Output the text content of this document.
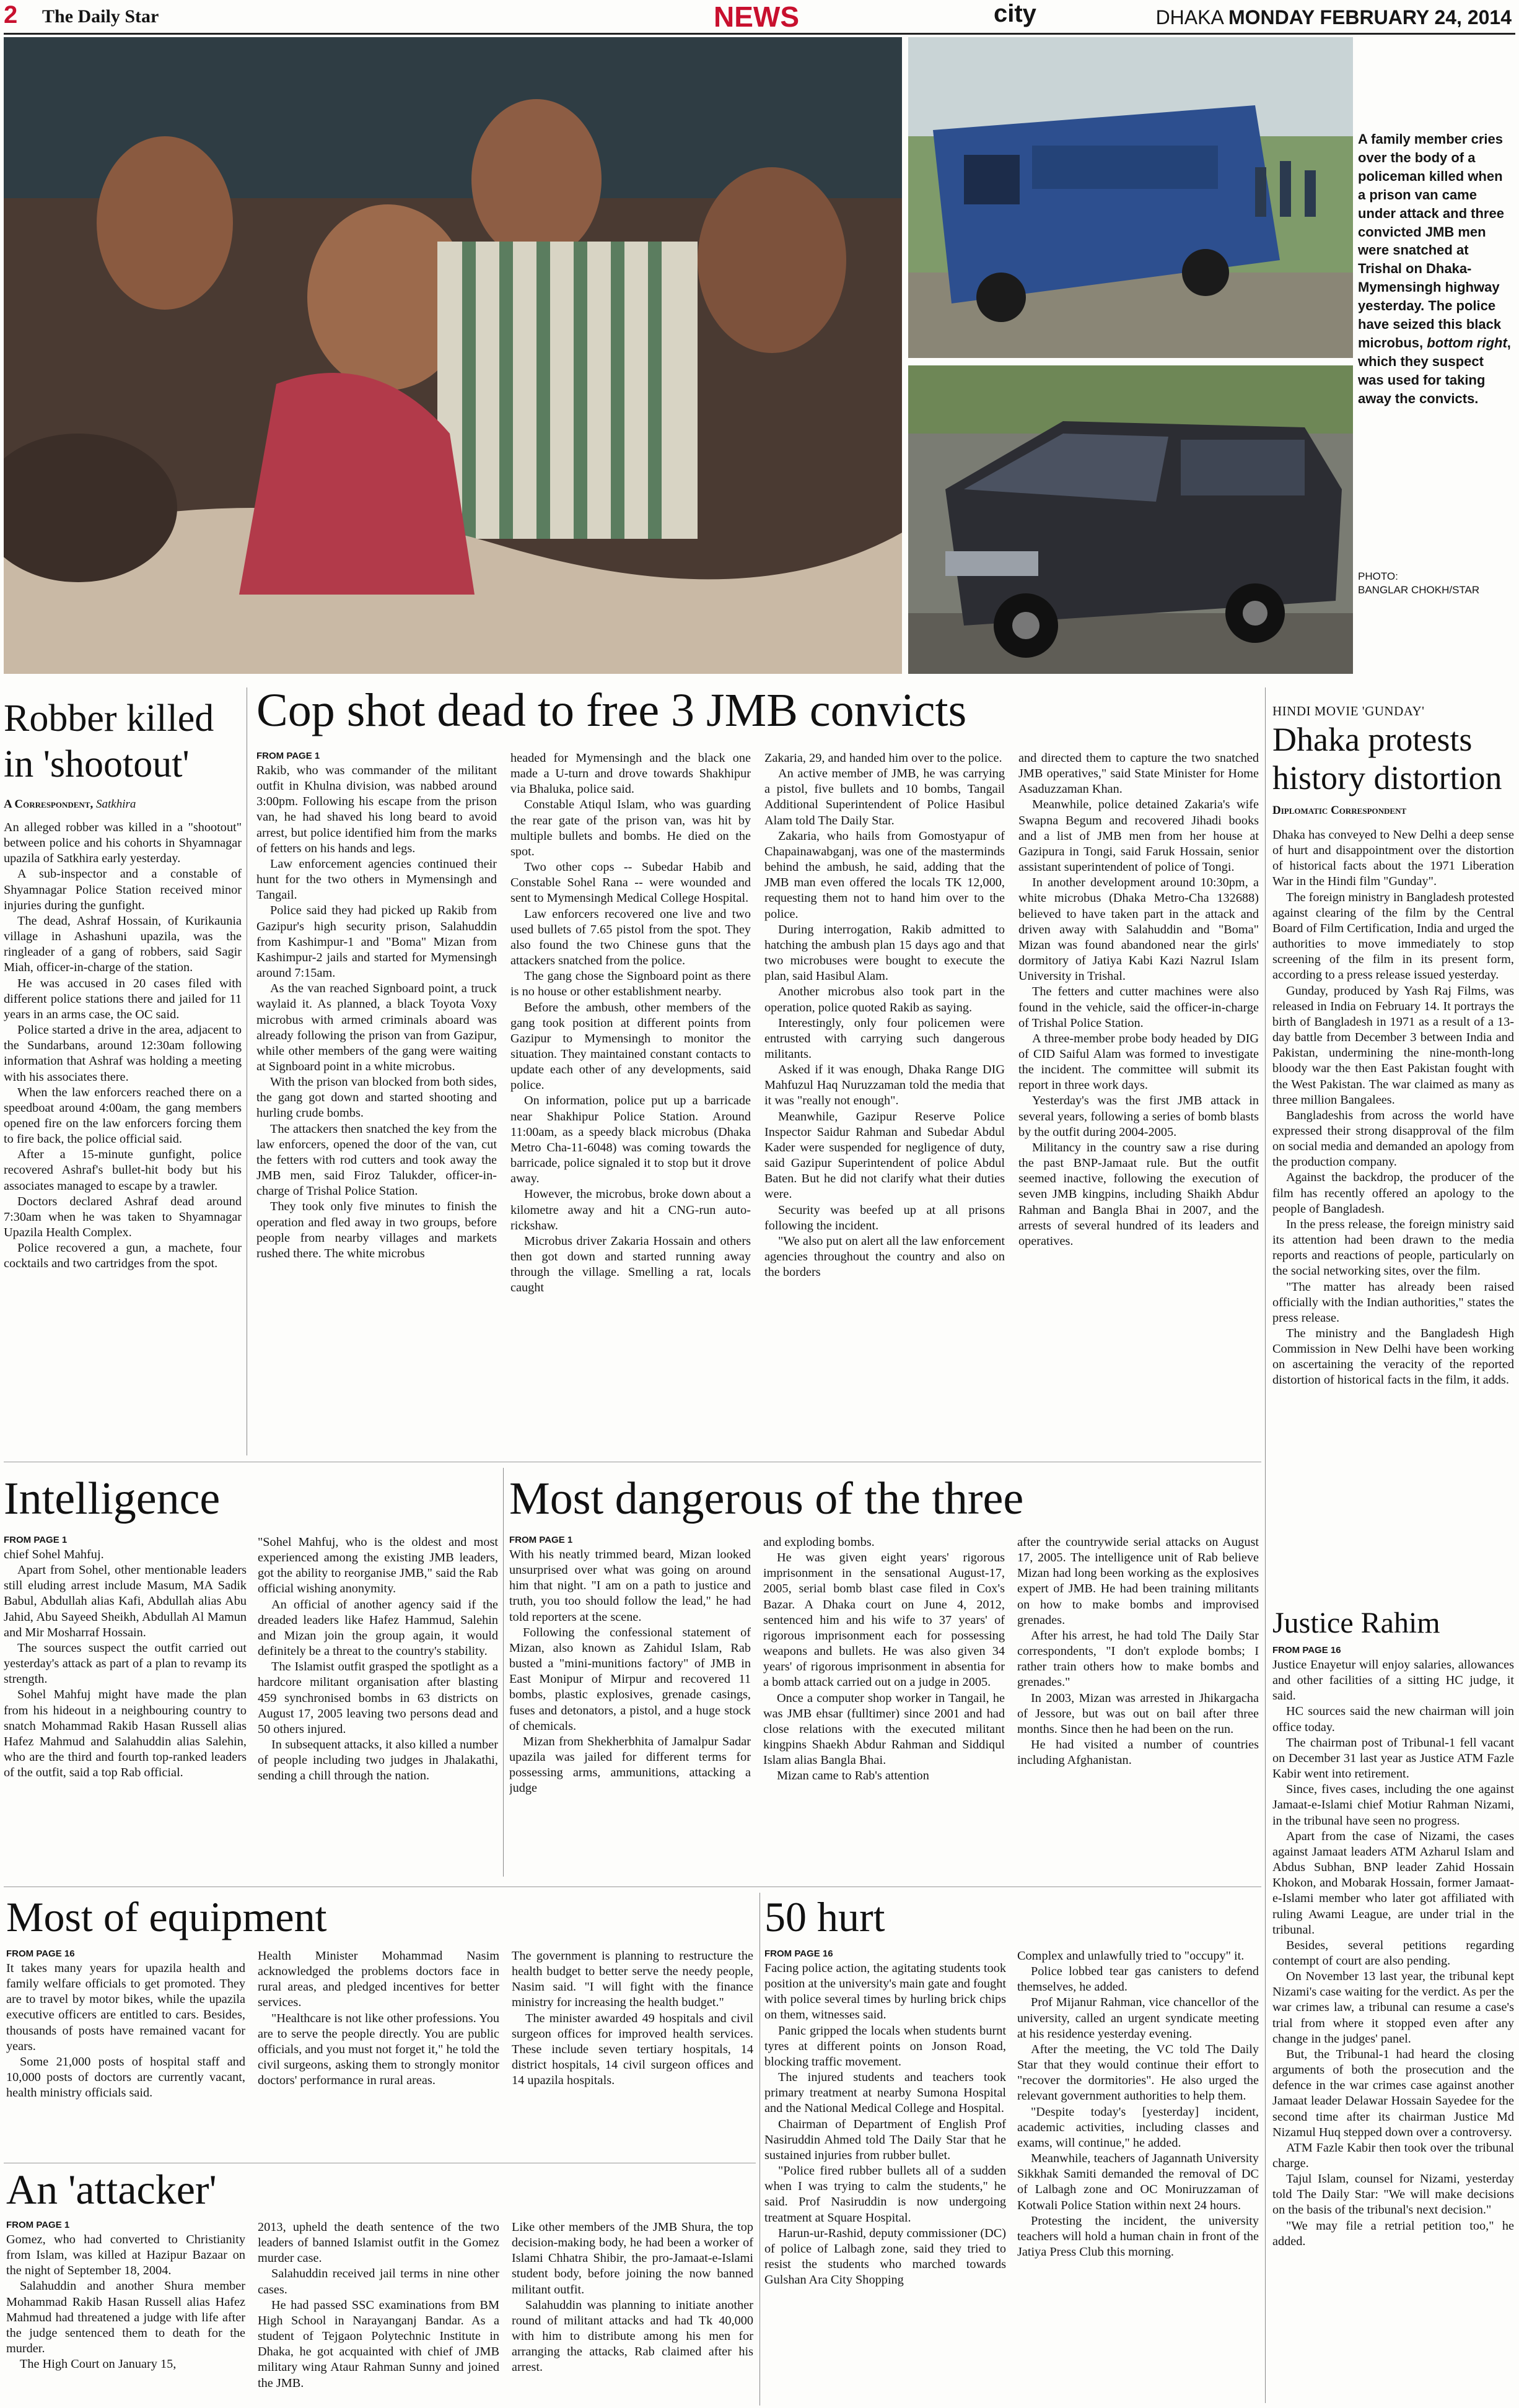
2 The Daily Star	NEWS	city	DHAKA MONDAY FEBRUARY 24, 2014
A family member cries over the body of a policeman killed when a prison van came under attack and three convicted JMB men were snatched at Trishal on Dhaka-Mymensingh highway yesterday. The police have seized this black microbus, bottom right, which they suspect was used for taking away the convicts.
PHOTO:
BANGLAR CHOKH/STAR
Robber killed
in 'shootout'
A Correspondent, Satkhira

An alleged robber was killed in a "shootout" between police and his cohorts in Shyamnagar upazila of Satkhira early yesterday.

A sub-inspector and a constable of Shyamnagar Police Station received minor injuries during the gunfight.

The dead, Ashraf Hossain, of Kurikaunia village in Ashashuni upazila, was the ringleader of a gang of robbers, said Sagir Miah, officer-in-charge of the station.

He was accused in 20 cases filed with different police stations there and jailed for 11 years in an arms case, the OC said.

Police started a drive in the area, adjacent to the Sundarbans, around 12:30am following information that Ashraf was holding a meeting with his associates there.

When the law enforcers reached there on a speedboat around 4:00am, the gang members opened fire on the law enforcers forcing them to fire back, the police official said.

After a 15-minute gunfight, police recovered Ashraf's bullet-hit body but his associates managed to escape by a trawler.

Doctors declared Ashraf dead around 7:30am when he was taken to Shyamnagar Upazila Health Complex.

Police recovered a gun, a machete, four cocktails and two cartridges from the spot.

Cop shot dead to free 3 JMB convicts
FROM PAGE 1

Rakib, who was commander of the militant outfit in Khulna division, was nabbed around 3:00pm. Following his escape from the prison van, he had shaved his long beard to avoid arrest, but police identified him from the marks of fetters on his hands and legs.

Law enforcement agencies continued their hunt for the two others in Mymensingh and Tangail.

Police said they had picked up Rakib from Gazipur's high security prison, Salahuddin from Kashimpur-1 and "Boma" Mizan from Kashimpur-2 jails and started for Mymensingh around 7:15am.

As the van reached Signboard point, a truck waylaid it. As planned, a black Toyota Voxy microbus with armed criminals aboard was already following the prison van from Gazipur, while other members of the gang were waiting at Signboard point in a white microbus.

With the prison van blocked from both sides, the gang got down and started shooting and hurling crude bombs.

The attackers then snatched the key from the law enforcers, opened the door of the van, cut the fetters with rod cutters and took away the JMB men, said Firoz Talukder, officer-in-charge of Trishal Police Station.

They took only five minutes to finish the operation and fled away in two groups, before people from nearby villages and markets rushed there. The white microbus

headed for Mymensingh and the black one made a U-turn and drove towards Shakhipur via Bhaluka, police said.

Constable Atiqul Islam, who was guarding the rear gate of the prison van, was hit by multiple bullets and bombs. He died on the spot.

Two other cops -- Subedar Habib and Constable Sohel Rana -- were wounded and sent to Mymensingh Medical College Hospital.

Law enforcers recovered one live and two used bullets of 7.65 pistol from the spot. They also found the two Chinese guns that the attackers snatched from the police.

The gang chose the Signboard point as there is no house or other establishment nearby.

Before the ambush, other members of the gang took position at different points from Gazipur to Mymensingh to monitor the situation. They maintained constant contacts to update each other of any developments, said police.

On information, police put up a barricade near Shakhipur Police Station. Around 11:00am, as a speedy black microbus (Dhaka Metro Cha-11-6048) was coming towards the barricade, police signaled it to stop but it drove away.

However, the microbus, broke down about a kilometre away and hit a CNG-run auto-rickshaw.

Microbus driver Zakaria Hossain and others then got down and started running away through the village. Smelling a rat, locals caught

Zakaria, 29, and handed him over to the police.

An active member of JMB, he was carrying a pistol, five bullets and 10 bombs, Tangail Additional Superintendent of Police Hasibul Alam told The Daily Star.

Zakaria, who hails from Gomostyapur of Chapainawabganj, was one of the masterminds behind the ambush, he said, adding that the JMB man even offered the locals TK 12,000, requesting them not to hand him over to the police.

During interrogation, Rakib admitted to hatching the ambush plan 15 days ago and that two microbuses were bought to execute the plan, said Hasibul Alam.

Another microbus also took part in the operation, police quoted Rakib as saying.

Interestingly, only four policemen were entrusted with carrying such dangerous militants.

Asked if it was enough, Dhaka Range DIG Mahfuzul Haq Nuruzzaman told the media that it was "really not enough".

Meanwhile, Gazipur Reserve Police Inspector Saidur Rahman and Subedar Abdul Kader were suspended for negligence of duty, said Gazipur Superintendent of police Abdul Baten. But he did not clarify what their duties were.

Security was beefed up at all prisons following the incident.

"We also put on alert all the law enforcement agencies throughout the country and also on the borders

and directed them to capture the two snatched JMB operatives," said State Minister for Home Asaduzzaman Khan.

Meanwhile, police detained Zakaria's wife Swapna Begum and recovered Jihadi books and a list of JMB men from her house at Gazipura in Tongi, said Faruk Hossain, senior assistant superintendent of police of Tongi.

In another development around 10:30pm, a white microbus (Dhaka Metro-Cha 132688) believed to have taken part in the attack and driven away with Salahuddin and "Boma" Mizan was found abandoned near the girls' dormitory of Jatiya Kabi Kazi Nazrul Islam University in Trishal.

The fetters and cutter machines were also found in the vehicle, said the officer-in-charge of Trishal Police Station.

A three-member probe body headed by DIG of CID Saiful Alam was formed to investigate the incident. The committee will submit its report in three work days.

Yesterday's was the first JMB attack in several years, following a series of bomb blasts by the outfit during 2004-2005.

Militancy in the country saw a rise during the past BNP-Jamaat rule. But the outfit seemed inactive, following the execution of seven JMB kingpins, including Shaikh Abdur Rahman and Bangla Bhai in 2007, and the arrests of several hundred of its leaders and operatives.

HINDI MOVIE 'GUNDAY'
Dhaka protests
history distortion
Diplomatic Correspondent

Dhaka has conveyed to New Delhi a deep sense of hurt and disappointment over the distortion of historical facts about the 1971 Liberation War in the Hindi film "Gunday".

The foreign ministry in Bangladesh protested against clearing of the film by the Central Board of Film Certification, India and urged the authorities to move immediately to stop screening of the film in its present form, according to a press release issued yesterday.

Gunday, produced by Yash Raj Films, was released in India on February 14. It portrays the birth of Bangladesh in 1971 as a result of a 13-day battle from December 3 between India and Pakistan, undermining the nine-month-long bloody war the then East Pakistan fought with the West Pakistan. The war claimed as many as three million Bangalees.

Bangladeshis from across the world have expressed their strong disapproval of the film on social media and demanded an apology from the production company.

Against the backdrop, the producer of the film has recently offered an apology to the people of Bangladesh.

In the press release, the foreign ministry said its attention had been drawn to the media reports and reactions of people, particularly on the social networking sites, over the film.

"The matter has already been raised officially with the Indian authorities," states the press release.

The ministry and the Bangladesh High Commission in New Delhi have been working on ascertaining the veracity of the reported distortion of historical facts in the film, it adds.

Intelligence
FROM PAGE 1

chief Sohel Mahfuj.

Apart from Sohel, other mentionable leaders still eluding arrest include Masum, MA Sadik Babul, Abdullah alias Kafi, Abdullah alias Abu Jahid, Abu Sayeed Sheikh, Abdullah Al Mamun and Mir Mosharraf Hossain.

The sources suspect the outfit carried out yesterday's attack as part of a plan to revamp its strength.

Sohel Mahfuj might have made the plan from his hideout in a neighbouring country to snatch Mohammad Rakib Hasan Russell alias Hafez Mahmud and Salahuddin alias Salehin, who are the third and fourth top-ranked leaders of the outfit, said a top Rab official.

"Sohel Mahfuj, who is the oldest and most experienced among the existing JMB leaders, got the ability to reorganise JMB," said the Rab official wishing anonymity.

An official of another agency said if the dreaded leaders like Hafez Hammud, Salehin and Mizan join the group again, it would definitely be a threat to the country's stability.

The Islamist outfit grasped the spotlight as a hardcore militant organisation after blasting 459 synchronised bombs in 63 districts on August 17, 2005 leaving two persons dead and 50 others injured.

In subsequent attacks, it also killed a number of people including two judges in Jhalakathi, sending a chill through the nation.

Most dangerous of the three
FROM PAGE 1

With his neatly trimmed beard, Mizan looked unsurprised over what was going on around him that night. "I am on a path to justice and truth, you too should follow the lead," he had told reporters at the scene.

Following the confessional statement of Mizan, also known as Zahidul Islam, Rab busted a "mini-munitions factory" of JMB in East Monipur of Mirpur and recovered 11 bombs, plastic explosives, grenade casings, fuses and detonators, a pistol, and a huge stock of chemicals.

Mizan from Shekherbhita of Jamalpur Sadar upazila was jailed for different terms for possessing arms, ammunitions, attacking a judge

and exploding bombs.

He was given eight years' rigorous imprisonment in the sensational August-17, 2005, serial bomb blast case filed in Cox's Bazar. A Dhaka court on June 4, 2012, sentenced him and his wife to 37 years' of rigorous imprisonment each for possessing weapons and bullets. He was also given 34 years' of rigorous imprisonment in absentia for a bomb attack carried out on a judge in 2005.

Once a computer shop worker in Tangail, he was JMB ehsar (fulltimer) since 2001 and had close relations with the executed militant kingpins Shaekh Abdur Rahman and Siddiqul Islam alias Bangla Bhai.

Mizan came to Rab's attention

after the countrywide serial attacks on August 17, 2005. The intelligence unit of Rab believe Mizan had long been working as the explosives expert of JMB. He had been training militants on how to make bombs and improvised grenades.

After his arrest, he had told The Daily Star correspondents, "I don't explode bombs; I rather train others how to make bombs and grenades."

In 2003, Mizan was arrested in Jhikargacha of Jessore, but was out on bail after three months. Since then he had been on the run.

He had visited a number of countries including Afghanistan.

Justice Rahim
FROM PAGE 16

Justice Enayetur will enjoy salaries, allowances and other facilities of a sitting HC judge, it said.

HC sources said the new chairman will join office today.

The chairman post of Tribunal-1 fell vacant on December 31 last year as Justice ATM Fazle Kabir went into retirement.

Since, fives cases, including the one against Jamaat-e-Islami chief Motiur Rahman Nizami, in the tribunal have seen no progress.

Apart from the case of Nizami, the cases against Jamaat leaders ATM Azharul Islam and Abdus Subhan, BNP leader Zahid Hossain Khokon, and Mobarak Hossain, former Jamaat-e-Islami member who later got affiliated with ruling Awami League, are under trial in the tribunal.

Besides, several petitions regarding contempt of court are also pending.

On November 13 last year, the tribunal kept Nizami's case waiting for the verdict. As per the war crimes law, a tribunal can resume a case's trial from where it stopped even after any change in the judges' panel.

But, the Tribunal-1 had heard the closing arguments of both the prosecution and the defence in the war crimes case against another Jamaat leader Delawar Hossain Sayedee for the second time after its chairman Justice Md Nizamul Huq stepped down over a controversy.

ATM Fazle Kabir then took over the tribunal charge.

Tajul Islam, counsel for Nizami, yesterday told The Daily Star: "We will make decisions on the basis of the tribunal's next decision."

"We may file a retrial petition too," he added.

Most of equipment
FROM PAGE 16

It takes many years for upazila health and family welfare officials to get promoted. They are to travel by motor bikes, while the upazila executive officers are entitled to cars. Besides, thousands of posts have remained vacant for years.

Some 21,000 posts of hospital staff and 10,000 posts of doctors are currently vacant, health ministry officials said.

Health Minister Mohammad Nasim acknowledged the problems doctors face in rural areas, and pledged incentives for better services.

"Healthcare is not like other professions. You are to serve the people directly. You are public officials, and you must not forget it," he told the civil surgeons, asking them to strongly monitor doctors' performance in rural areas.

The government is planning to restructure the health budget to better serve the needy people, Nasim said. "I will fight with the finance ministry for increasing the health budget."

The minister awarded 49 hospitals and civil surgeon offices for improved health services. These include seven tertiary hospitals, 14 district hospitals, 14 civil surgeon offices and 14 upazila hospitals.

An 'attacker'
FROM PAGE 1

Gomez, who had converted to Christianity from Islam, was killed at Hazipur Bazaar on the night of September 18, 2004.

Salahuddin and another Shura member Mohammad Rakib Hasan Russell alias Hafez Mahmud had threatened a judge with life after the judge sentenced them to death for the murder.

The High Court on January 15,

2013, upheld the death sentence of the two leaders of banned Islamist outfit in the Gomez murder case.

Salahuddin received jail terms in nine other cases.

He had passed SSC examinations from BM High School in Narayanganj Bandar. As a student of Tejgaon Polytechnic Institute in Dhaka, he got acquainted with chief of JMB military wing Ataur Rahman Sunny and joined the JMB.

Like other members of the JMB Shura, the top decision-making body, he had been a worker of Islami Chhatra Shibir, the pro-Jamaat-e-Islami student body, before joining the now banned militant outfit.

Salahuddin was planning to initiate another round of militant attacks and had Tk 40,000 with him to distribute among his men for arranging the attacks, Rab claimed after his arrest.

50 hurt
FROM PAGE 16

Facing police action, the agitating students took position at the university's main gate and fought with police several times by hurling brick chips on them, witnesses said.

Panic gripped the locals when students burnt tyres at different points on Jonson Road, blocking traffic movement.

The injured students and teachers took primary treatment at nearby Sumona Hospital and the National Medical College and Hospital.

Chairman of Department of English Prof Nasiruddin Ahmed told The Daily Star that he sustained injuries from rubber bullet.

"Police fired rubber bullets all of a sudden when I was trying to calm the students," he said. Prof Nasiruddin is now undergoing treatment at Square Hospital.

Harun-ur-Rashid, deputy commissioner (DC) of police of Lalbagh zone, said they tried to resist the students who marched towards Gulshan Ara City Shopping

Complex and unlawfully tried to "occupy" it.

Police lobbed tear gas canisters to defend themselves, he added.

Prof Mijanur Rahman, vice chancellor of the university, called an urgent syndicate meeting at his residence yesterday evening.

After the meeting, the VC told The Daily Star that they would continue their effort to "recover the dormitories". He also urged the relevant government authorities to help them.

"Despite today's [yesterday] incident, academic activities, including classes and exams, will continue," he added.

Meanwhile, teachers of Jagannath University Sikkhak Samiti demanded the removal of DC of Lalbagh zone and OC Moniruzzaman of Kotwali Police Station within next 24 hours.

Protesting the incident, the university teachers will hold a human chain in front of the Jatiya Press Club this morning.
